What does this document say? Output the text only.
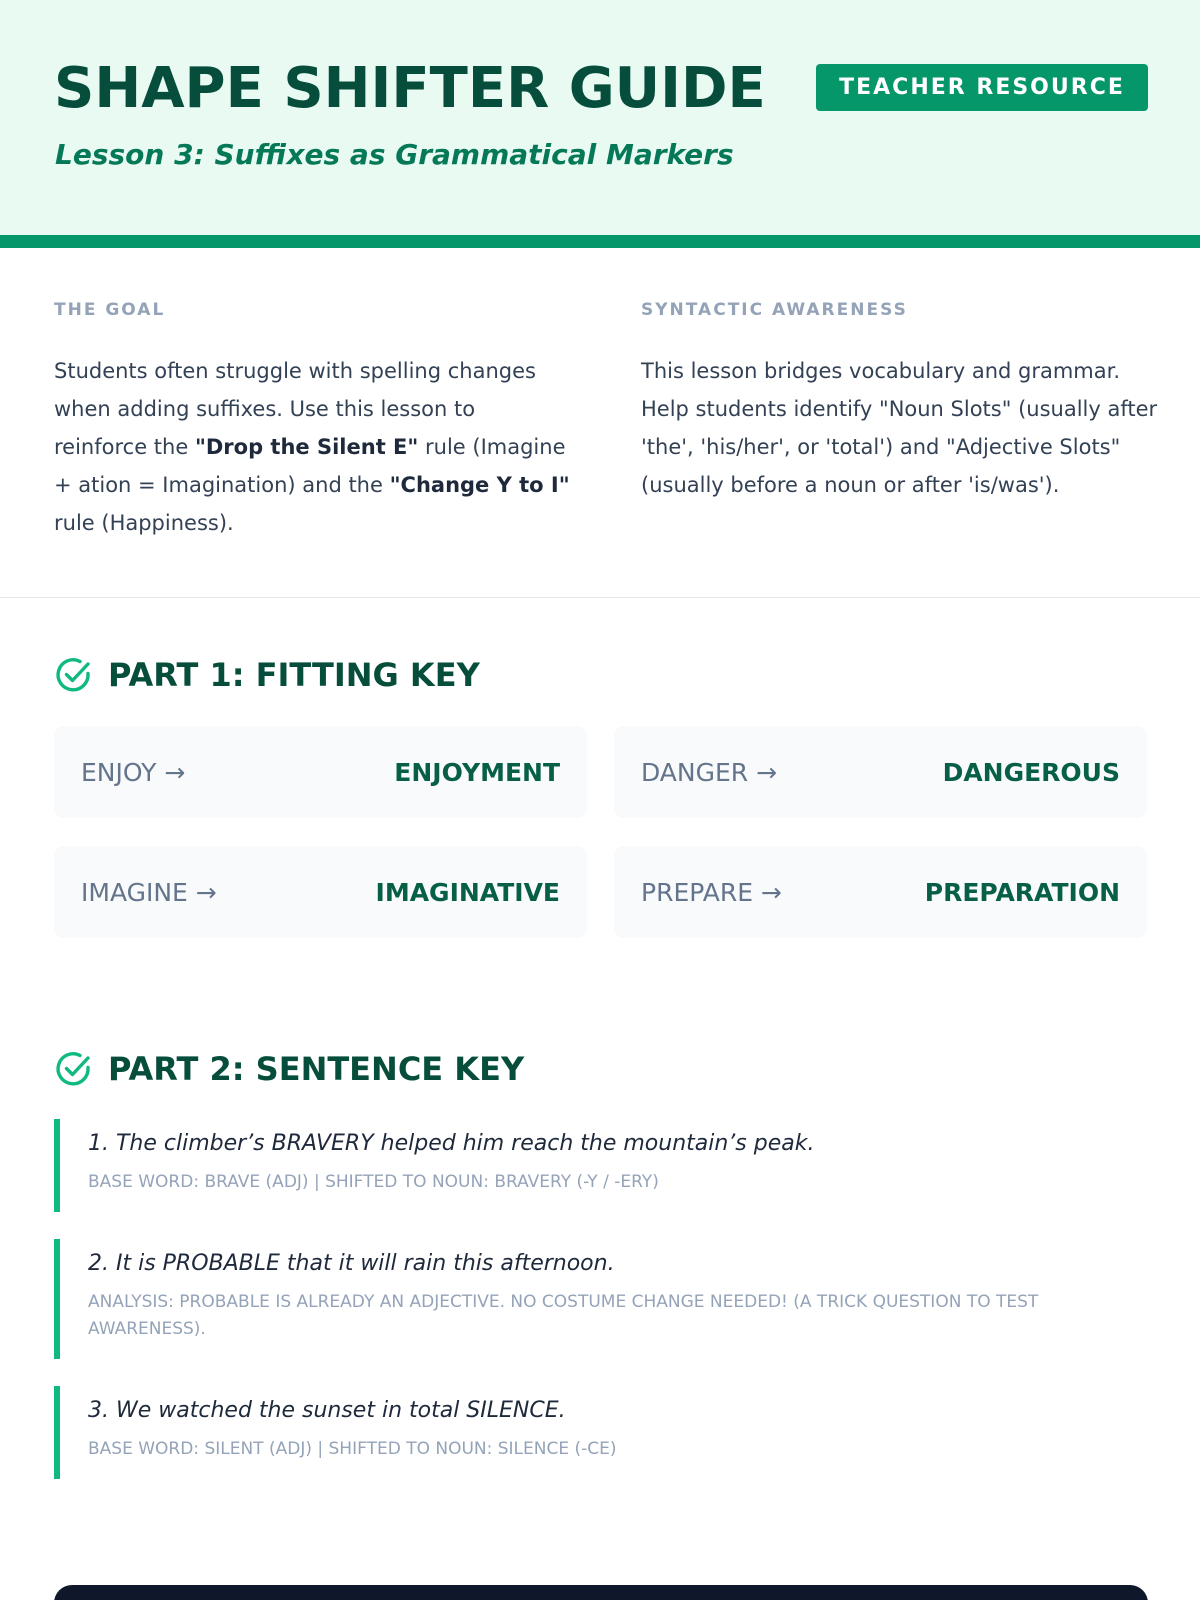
SHAPE SHIFTER GUIDE	TEACHER RESOURCE
Lesson 3: Suffixes as Grammatical Markers
THE GOAL
Students often struggle with spelling changes when adding suffixes. Use this lesson to reinforce the "Drop the Silent E" rule (Imagine + ation = Imagination) and the "Change Y to I" rule (Happiness).
SYNTACTIC AWARENESS
This lesson bridges vocabulary and grammar. Help students identify "Noun Slots" (usually after 'the', 'his/her', or 'total') and "Adjective Slots" (usually before a noun or after 'is/was').
PART 1: FITTING KEY
ENJOY →	ENJOYMENT	DANGER →	DANGEROUS
IMAGINE →	IMAGINATIVE	PREPARE →	PREPARATION
PART 2: SENTENCE KEY
1. The climber’s BRAVERY helped him reach the mountain’s peak.
BASE WORD: BRAVE (ADJ) | SHIFTED TO NOUN: BRAVERY (-Y / -ERY)
2. It is PROBABLE that it will rain this afternoon.
ANALYSIS: PROBABLE IS ALREADY AN ADJECTIVE. NO COSTUME CHANGE NEEDED! (A TRICK QUESTION TO TEST AWARENESS).
3. We watched the sunset in total SILENCE.
BASE WORD: SILENT (ADJ) | SHIFTED TO NOUN: SILENCE (-CE)
